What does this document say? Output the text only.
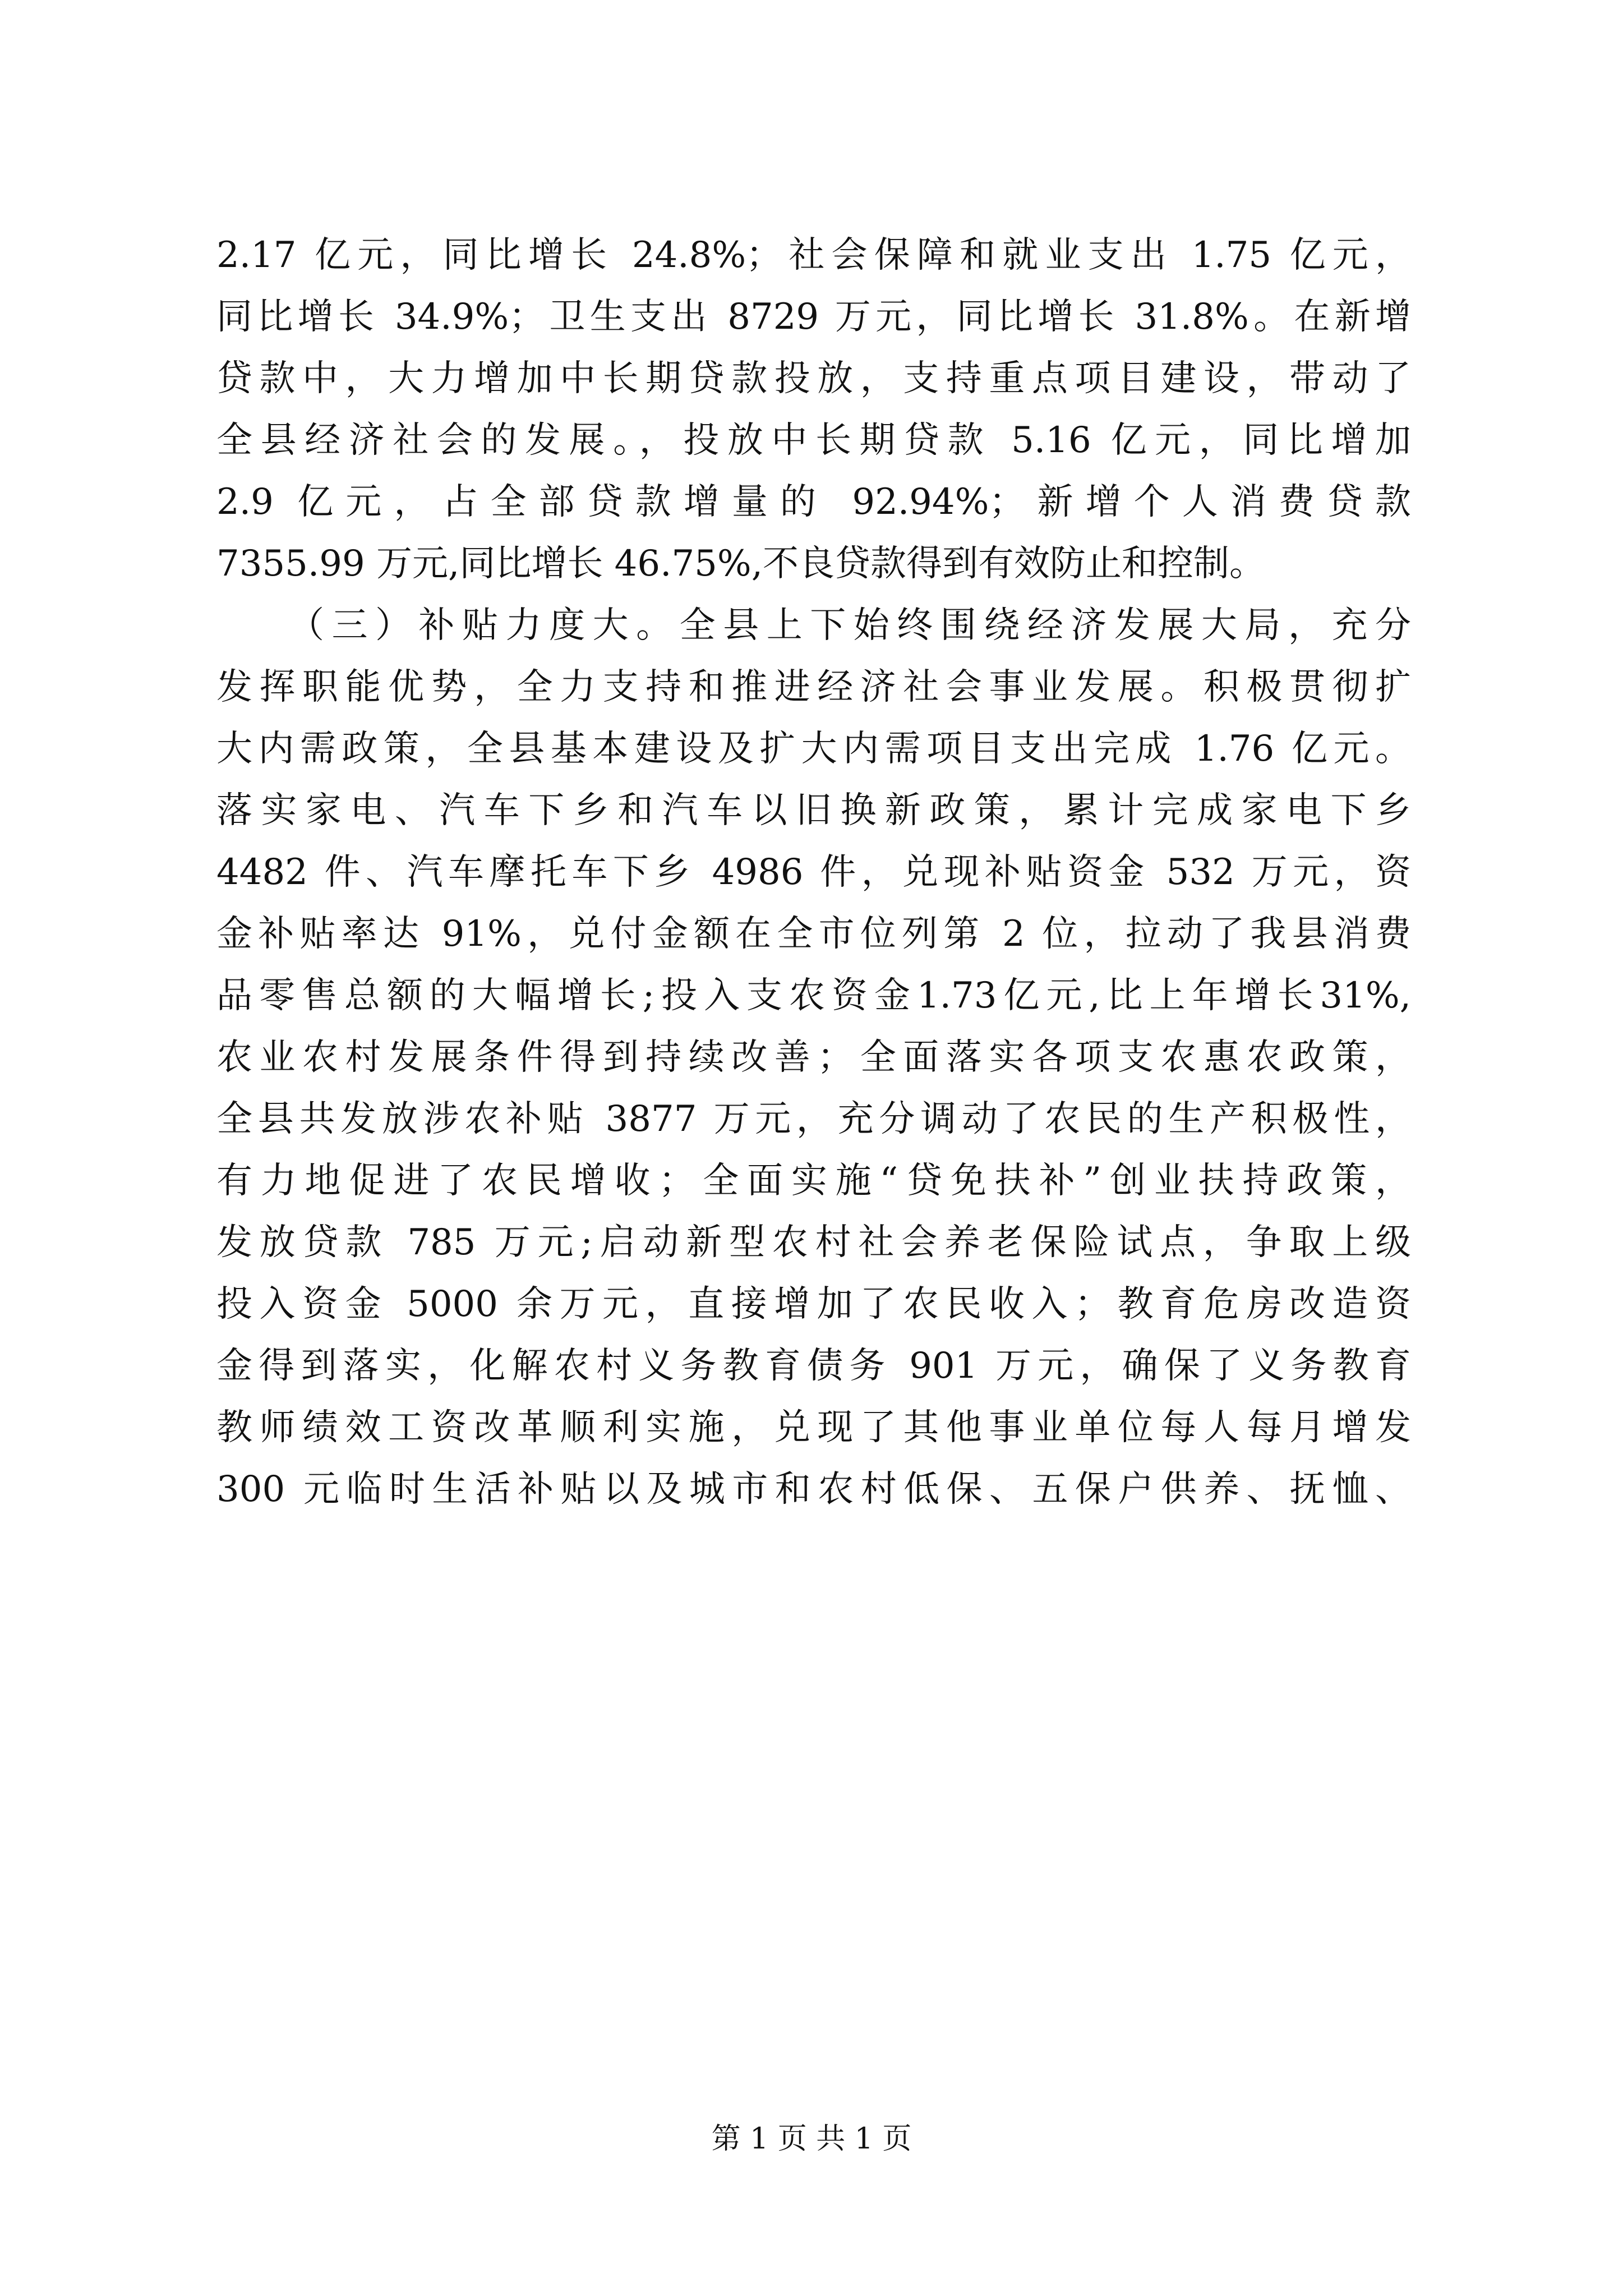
2.17 亿元，同比增长 24.8%；社会保障和就业支出 1.75 亿元，
同比增长 34.9%；卫生支出 8729 万元，同比增长 31.8%。在新增
贷款中，大力增加中长期贷款投放，支持重点项目建设，带动了
全县经济社会的发展。，投放中长期贷款 5.16 亿元，同比增加
2.9 亿元，占全部贷款增量的 92.94%；新增个人消费贷款
7355.99 万元,同比增长 46.75%,不良贷款得到有效防止和控制。
（三）补贴力度大。全县上下始终围绕经济发展大局，充分
发挥职能优势，全力支持和推进经济社会事业发展。积极贯彻扩
大内需政策，全县基本建设及扩大内需项目支出完成 1.76 亿元。
落实家电、汽车下乡和汽车以旧换新政策，累计完成家电下乡
4482 件、汽车摩托车下乡 4986 件，兑现补贴资金 532 万元，资
金补贴率达 91%，兑付金额在全市位列第 2 位，拉动了我县消费
品零售总额的大幅增长;投入支农资金1.73亿元,比上年增长31%,
农业农村发展条件得到持续改善；全面落实各项支农惠农政策，
全县共发放涉农补贴 3877 万元，充分调动了农民的生产积极性，
有力地促进了农民增收；全面实施“贷免扶补”创业扶持政策，
发放贷款 785 万元;启动新型农村社会养老保险试点，争取上级
投入资金 5000 余万元，直接增加了农民收入；教育危房改造资
金得到落实，化解农村义务教育债务 901 万元，确保了义务教育
教师绩效工资改革顺利实施，兑现了其他事业单位每人每月增发
300 元临时生活补贴以及城市和农村低保、五保户供养、抚恤、
第 1 页 共 1 页
